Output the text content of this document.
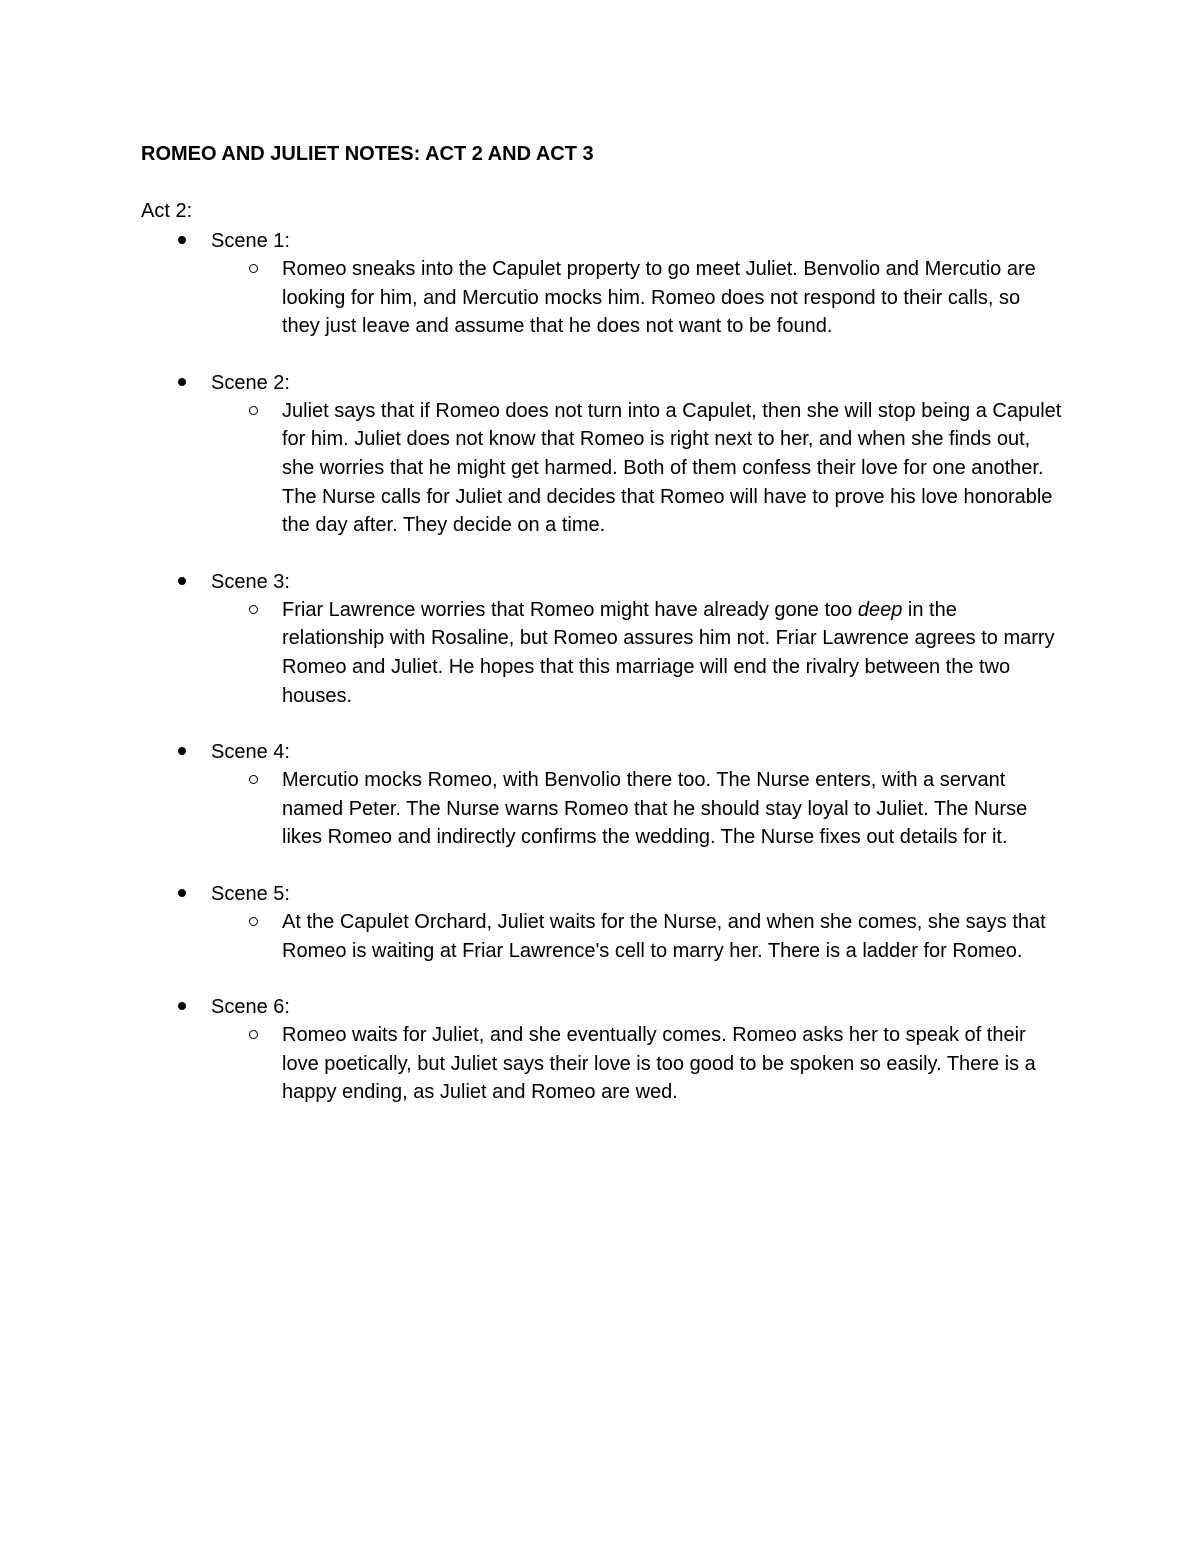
ROMEO AND JULIET NOTES: ACT 2 AND ACT 3
Act 2:
Scene 1:

Romeo sneaks into the Capulet property to go meet Juliet. Benvolio and Mercutio are looking for him, and Mercutio mocks him. Romeo does not respond to their calls, so they just leave and assume that he does not want to be found.

Scene 2:

Juliet says that if Romeo does not turn into a Capulet, then she will stop being a Capulet for him. Juliet does not know that Romeo is right next to her, and when she finds out, she worries that he might get harmed. Both of them confess their love for one another. The Nurse calls for Juliet and decides that Romeo will have to prove his love honorable the day after. They decide on a time.

Scene 3:

Friar Lawrence worries that Romeo might have already gone too deep in the relationship with Rosaline, but Romeo assures him not. Friar Lawrence agrees to marry Romeo and Juliet. He hopes that this marriage will end the rivalry between the two houses.

Scene 4:

Mercutio mocks Romeo, with Benvolio there too. The Nurse enters, with a servant named Peter. The Nurse warns Romeo that he should stay loyal to Juliet. The Nurse likes Romeo and indirectly confirms the wedding. The Nurse fixes out details for it.

Scene 5:

At the Capulet Orchard, Juliet waits for the Nurse, and when she comes, she says that Romeo is waiting at Friar Lawrence's cell to marry her. There is a ladder for Romeo.

Scene 6:

Romeo waits for Juliet, and she eventually comes. Romeo asks her to speak of their love poetically, but Juliet says their love is too good to be spoken so easily. There is a happy ending, as Juliet and Romeo are wed.
